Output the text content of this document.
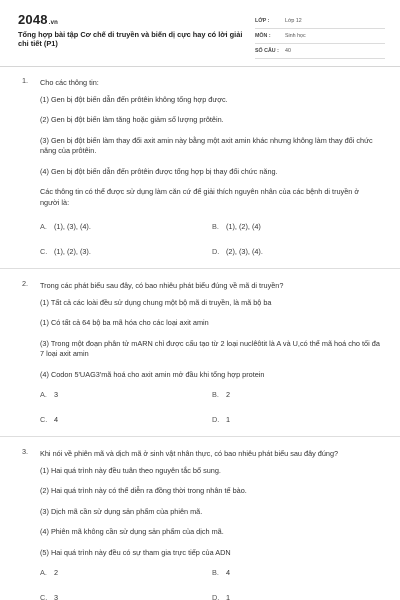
2048.vn
Tổng hợp bài tập Cơ chế di truyền và biến dị cực hay có lời giải chi tiết (P1)
LỚP :	Lớp 12
MÔN :	Sinh học
SỐ CÂU :	40
1. Cho các thông tin:
(1) Gen bị đột biến dẫn đến prôtêin không tổng hợp được.
(2) Gen bị đột biến làm tăng hoặc giảm số lượng prôtêin.
(3) Gen bị đột biến làm thay đổi axit amin này bằng một axit amin khác nhưng không làm thay đổi chức năng của prôtêin.
(4) Gen bị đột biến dẫn đến prôtêin được tổng hợp bị thay đổi chức năng.
Các thông tin có thể được sử dụng làm căn cứ để giải thích nguyên nhân của các bệnh di truyền ở người là:
A. (1), (3), (4).	B. (1), (2), (4)
C. (1), (2), (3).	D. (2), (3), (4).
2. Trong các phát biểu sau đây, có bao nhiêu phát biểu đúng về mã di truyền?
(1) Tất cả các loài đều sử dụng chung một bộ mã di truyền, là mã bộ ba
(1) Có tất cả 64 bộ ba mã hóa cho các loại axit amin
(3) Trong một đoạn phân tử mARN chỉ được cấu tạo từ 2 loại nuclêôtit là A và U,có thể mã hoá cho tối đa 7 loại axit amin
(4) Codon 5'UAG3'mã hoá cho axit amin mở đầu khi tổng hợp protein
A. 3	B. 2
C. 4	D. 1
3. Khi nói về phiên mã và dịch mã ở sinh vật nhân thực, có bao nhiêu phát biểu sau đây đúng?
(1) Hai quá trình này đều tuân theo nguyên tắc bổ sung.
(2) Hai quá trình này có thể diễn ra đồng thời trong nhân tế bào.
(3) Dịch mã cần sử dụng sản phẩm của phiên mã.
(4) Phiên mã không cần sử dụng sản phẩm của dịch mã.
(5) Hai quá trình này đều có sự tham gia trực tiếp của ADN
A. 2	B. 4
C. 3	D. 1
